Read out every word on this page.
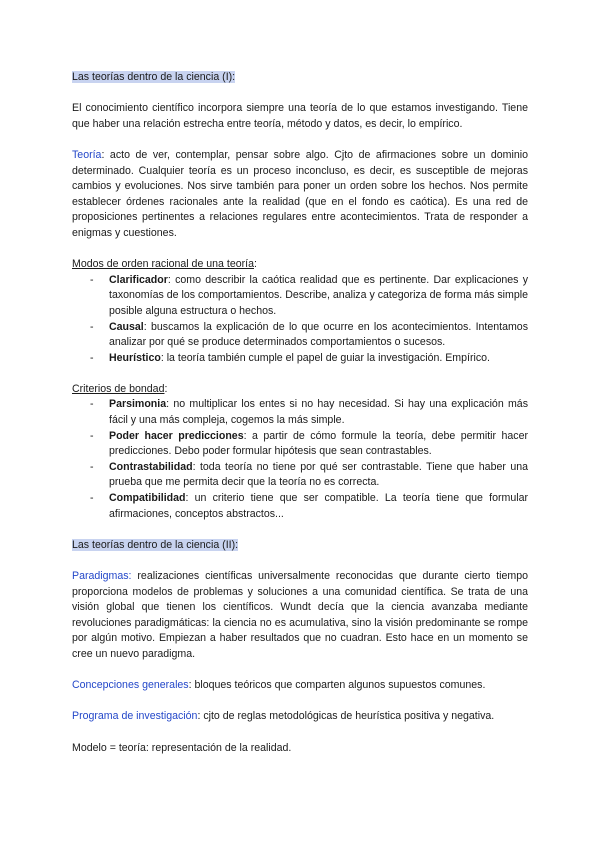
Las teorías dentro de la ciencia (I):

El conocimiento científico incorpora siempre una teoría de lo que estamos investigando. Tiene que haber una relación estrecha entre teoría, método y datos, es decir, lo empírico.

Teoría: acto de ver, contemplar, pensar sobre algo. Cjto de afirmaciones sobre un dominio determinado. Cualquier teoría es un proceso inconcluso, es decir, es susceptible de mejoras cambios y evoluciones. Nos sirve también para poner un orden sobre los hechos. Nos permite establecer órdenes racionales ante la realidad (que en el fondo es caótica). Es una red de proposiciones pertinentes a relaciones regulares entre acontecimientos. Trata de responder a enigmas y cuestiones.

Modos de orden racional de una teoría:

- Clarificador: como describir la caótica realidad que es pertinente. Dar explicaciones y taxonomías de los comportamientos. Describe, analiza y categoriza de forma más simple posible alguna estructura o hechos.
- Causal: buscamos la explicación de lo que ocurre en los acontecimientos. Intentamos analizar por qué se produce determinados comportamientos o sucesos.
- Heurístico: la teoría también cumple el papel de guiar la investigación. Empírico.

Criterios de bondad:

- Parsimonia: no multiplicar los entes si no hay necesidad. Si hay una explicación más fácil y una más compleja, cogemos la más simple.
- Poder hacer predicciones: a partir de cómo formule la teoría, debe permitir hacer predicciones. Debo poder formular hipótesis que sean contrastables.
- Contrastabilidad: toda teoría no tiene por qué ser contrastable. Tiene que haber una prueba que me permita decir que la teoría no es correcta.
- Compatibilidad: un criterio tiene que ser compatible. La teoría tiene que formular afirmaciones, conceptos abstractos...

Las teorías dentro de la ciencia (II):

Paradigmas: realizaciones científicas universalmente reconocidas que durante cierto tiempo proporciona modelos de problemas y soluciones a una comunidad científica. Se trata de una visión global que tienen los científicos. Wundt decía que la ciencia avanzaba mediante revoluciones paradigmáticas: la ciencia no es acumulativa, sino la visión predominante se rompe por algún motivo. Empiezan a haber resultados que no cuadran. Esto hace en un momento se cree un nuevo paradigma.

Concepciones generales: bloques teóricos que comparten algunos supuestos comunes.

Programa de investigación: cjto de reglas metodológicas de heurística positiva y negativa.

Modelo = teoría: representación de la realidad.
